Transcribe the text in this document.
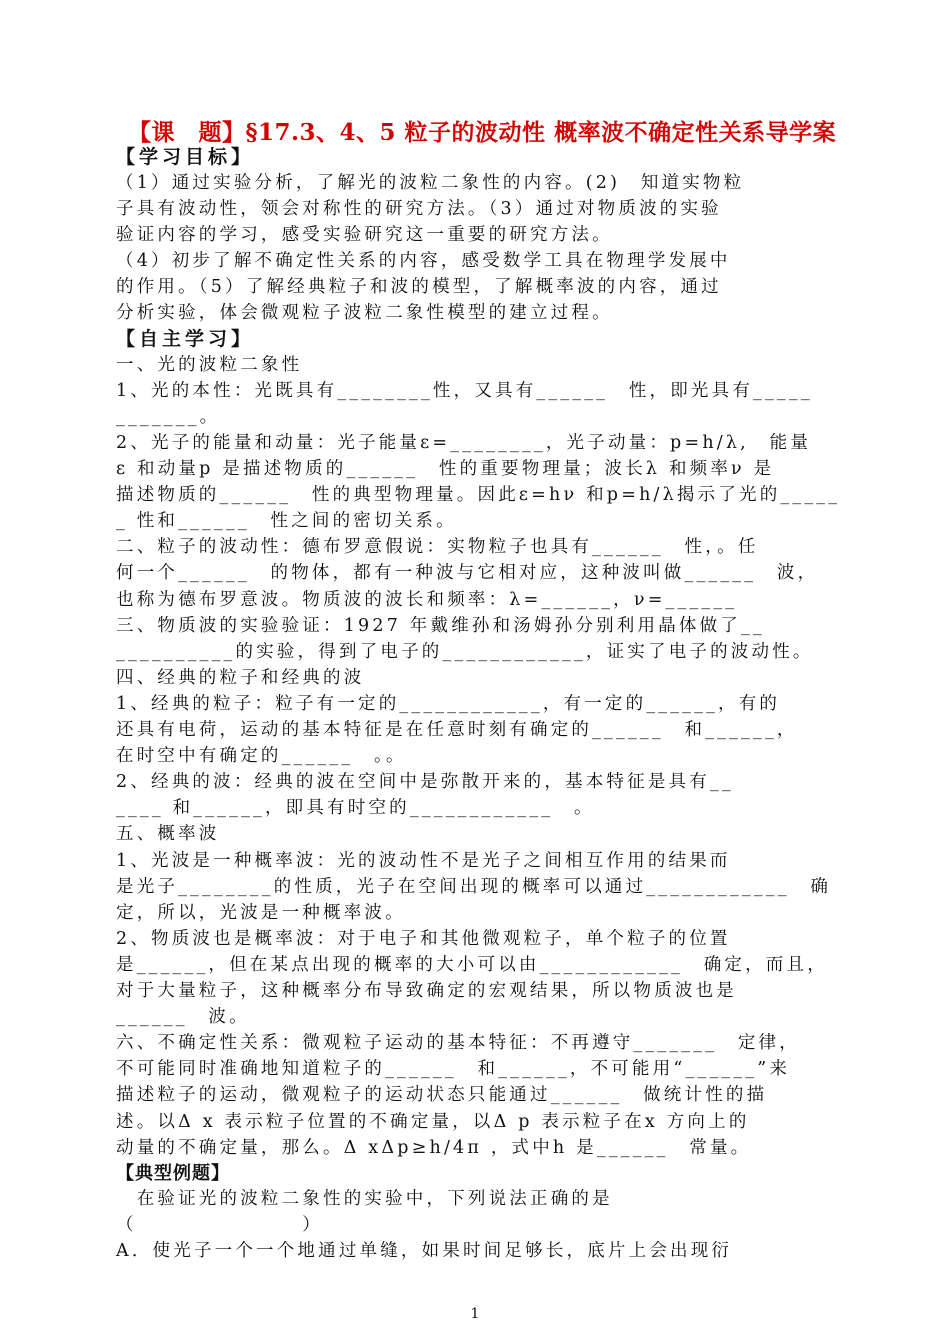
【课　题】§17.3、4、5 粒子的波动性 概率波不确定性关系导学案
【学习目标】
（1）通过实验分析，了解光的波粒二象性的内容。(2)　知道实物粒
子具有波动性，领会对称性的研究方法。（3）通过对物质波的实验
验证内容的学习，感受实验研究这一重要的研究方法。
（4）初步了解不确定性关系的内容，感受数学工具在物理学发展中
的作用。（5）了解经典粒子和波的模型，了解概率波的内容，通过
分析实验，体会微观粒子波粒二象性模型的建立过程。
【自主学习】
一、光的波粒二象性
1、光的本性：光既具有________性，又具有______　性，即光具有_____
_______。
2、光子的能量和动量：光子能量ε=________，光子动量：p=h/λ,　能量
ε 和动量p 是描述物质的______　性的重要物理量；波长λ 和频率ν 是
描述物质的______　性的典型物理量。因此ε=hν 和p=h/λ揭示了光的_____
_ 性和______　性之间的密切关系。
二、粒子的波动性：德布罗意假说：实物粒子也具有______　性，。任
何一个______　的物体，都有一种波与它相对应，这种波叫做______　波，
也称为德布罗意波。物质波的波长和频率：λ=______，ν=______
三、物质波的实验验证：1927 年戴维孙和汤姆孙分别利用晶体做了__
__________的实验，得到了电子的____________，证实了电子的波动性。
四、经典的粒子和经典的波
1、经典的粒子：粒子有一定的____________，有一定的______，有的
还具有电荷，运动的基本特征是在任意时刻有确定的______　和______，
在时空中有确定的______　。。
2、经典的波：经典的波在空间中是弥散开来的，基本特征是具有__
____ 和______，即具有时空的____________　。
五、概率波
1、光波是一种概率波：光的波动性不是光子之间相互作用的结果而
是光子________的性质，光子在空间出现的概率可以通过____________　确
定，所以，光波是一种概率波。
2、物质波也是概率波：对于电子和其他微观粒子，单个粒子的位置
是______，但在某点出现的概率的大小可以由____________　确定，而且，
对于大量粒子，这种概率分布导致确定的宏观结果，所以物质波也是
______　波。
六、不确定性关系：微观粒子运动的基本特征：不再遵守_______　定律，
不可能同时准确地知道粒子的______　和______，不可能用“______”来
描述粒子的运动，微观粒子的运动状态只能通过______　做统计性的描
述。以Δ x 表示粒子位置的不确定量，以Δ p 表示粒子在x 方向上的
动量的不确定量，那么。Δ xΔp≥h/4π ，式中h 是______　常量。
【典型例题】
　在验证光的波粒二象性的实验中，下列说法正确的是
（　　　　　　　　）
A．使光子一个一个地通过单缝，如果时间足够长，底片上会出现衍
1
